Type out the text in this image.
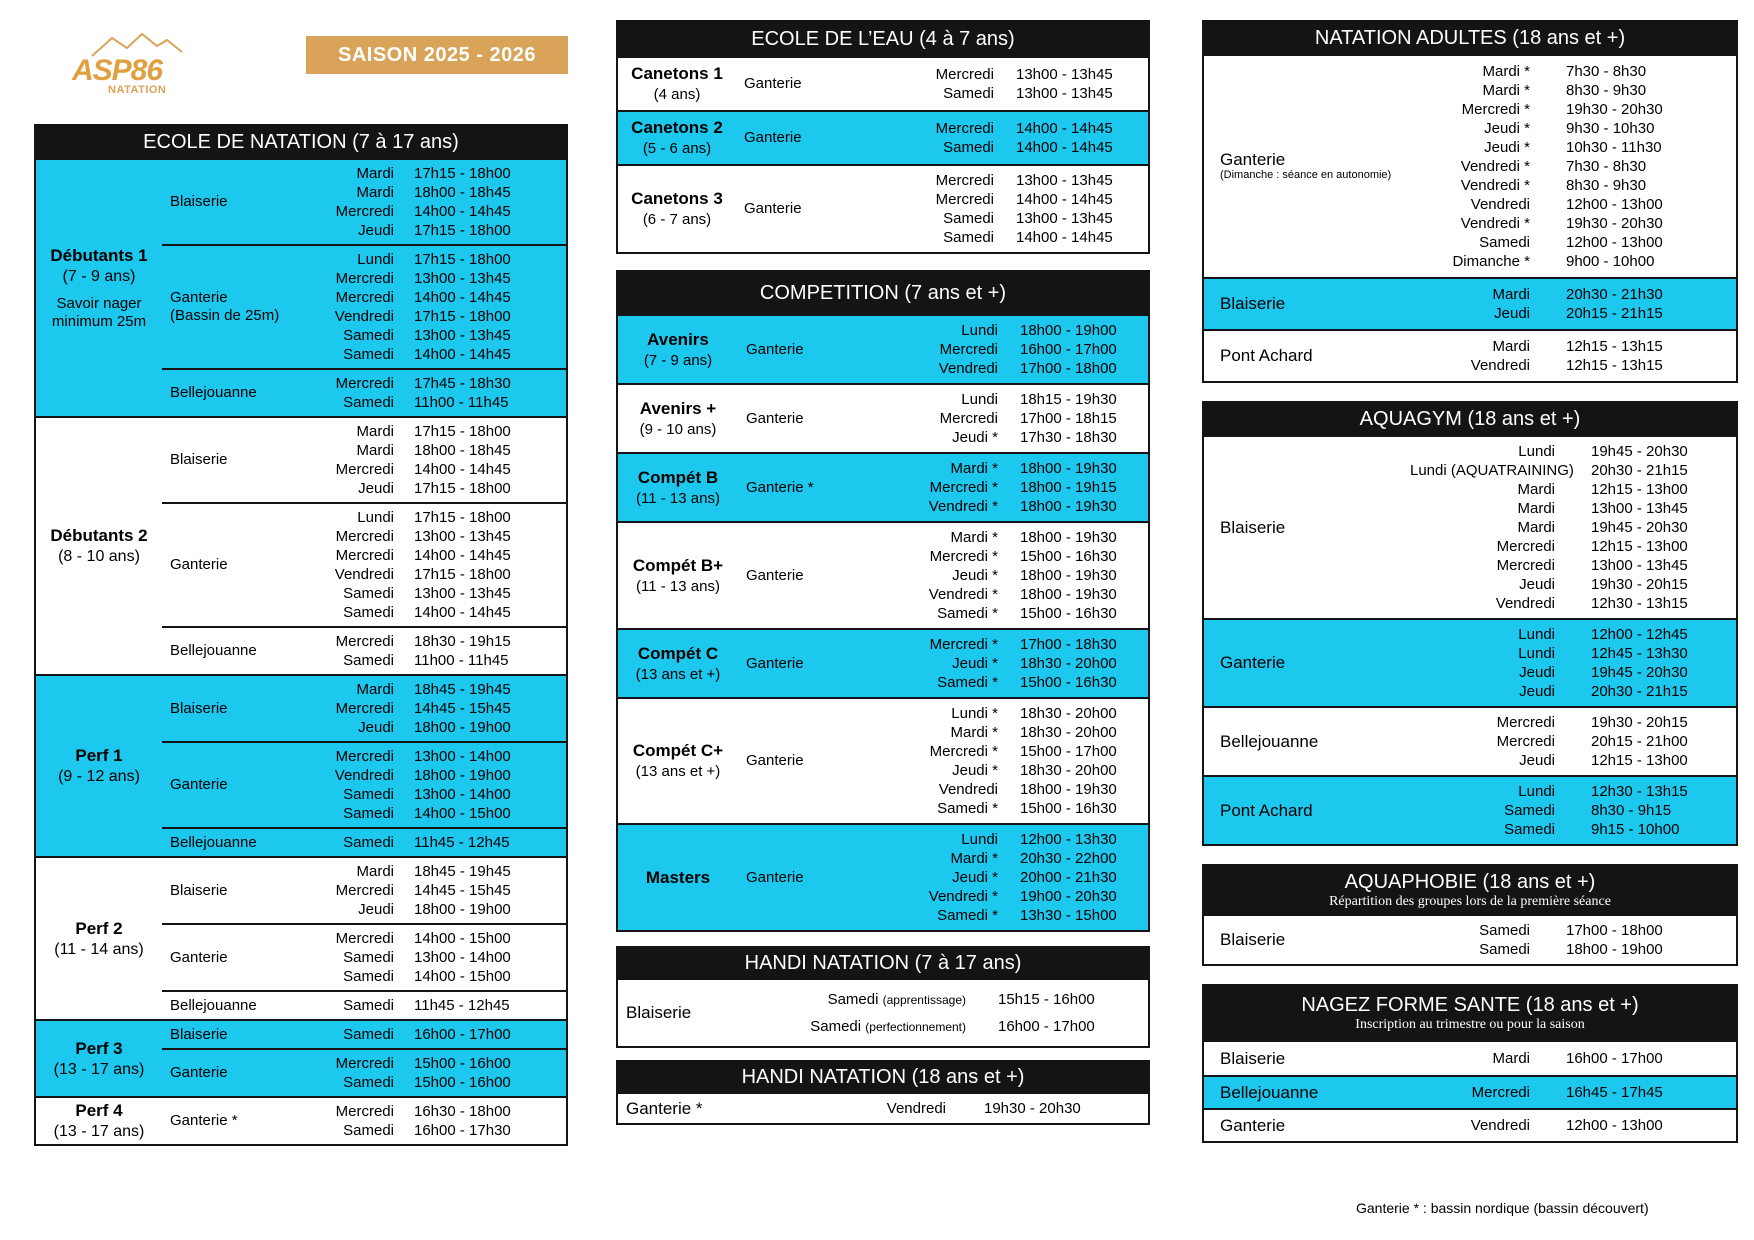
ASP86
NATATION
SAISON 2025 - 2026
ECOLE DE NATATION (7 à 17 ans)
Débutants 1
(7 - 9 ans)
Savoir nager minimum 25m
Blaiserie
Mardi	17h15 - 18h00
Mardi	18h00 - 18h45
Mercredi	14h00 - 14h45
Jeudi	17h15 - 18h00
Ganterie
(Bassin de 25m)
Lundi	17h15 - 18h00
Mercredi	13h00 - 13h45
Mercredi	14h00 - 14h45
Vendredi	17h15 - 18h00
Samedi	13h00 - 13h45
Samedi	14h00 - 14h45
Bellejouanne
Mercredi	17h45 - 18h30
Samedi	11h00 - 11h45
Débutants 2
(8 - 10 ans)
Blaiserie
Mardi	17h15 - 18h00
Mardi	18h00 - 18h45
Mercredi	14h00 - 14h45
Jeudi	17h15 - 18h00
Ganterie
Lundi	17h15 - 18h00
Mercredi	13h00 - 13h45
Mercredi	14h00 - 14h45
Vendredi	17h15 - 18h00
Samedi	13h00 - 13h45
Samedi	14h00 - 14h45
Bellejouanne
Mercredi	18h30 - 19h15
Samedi	11h00 - 11h45
Perf 1
(9 - 12 ans)
Blaiserie
Mardi	18h45 - 19h45
Mercredi	14h45 - 15h45
Jeudi	18h00 - 19h00
Ganterie
Mercredi	13h00 - 14h00
Vendredi	18h00 - 19h00
Samedi	13h00 - 14h00
Samedi	14h00 - 15h00
Bellejouanne	Samedi	11h45 - 12h45
Perf 2
(11 - 14 ans)
Blaiserie
Mardi	18h45 - 19h45
Mercredi	14h45 - 15h45
Jeudi	18h00 - 19h00
Ganterie
Mercredi	14h00 - 15h00
Samedi	13h00 - 14h00
Samedi	14h00 - 15h00
Bellejouanne	Samedi	11h45 - 12h45
Perf 3
(13 - 17 ans)
Blaiserie	Samedi	16h00 - 17h00
Ganterie
Mercredi	15h00 - 16h00
Samedi	15h00 - 16h00
Perf 4
(13 - 17 ans)
Ganterie *
Mercredi	16h30 - 18h00
Samedi	16h00 - 17h30
ECOLE DE L’EAU (4 à 7 ans)
Canetons 1
(4 ans)
Ganterie
Mercredi	13h00 - 13h45
Samedi	13h00 - 13h45
Canetons 2
(5 - 6 ans)
Ganterie
Mercredi	14h00 - 14h45
Samedi	14h00 - 14h45
Canetons 3
(6 - 7 ans)
Ganterie
Mercredi	13h00 - 13h45
Mercredi	14h00 - 14h45
Samedi	13h00 - 13h45
Samedi	14h00 - 14h45
COMPETITION (7 ans et +)
Avenirs
(7 - 9 ans)
Ganterie
Lundi	18h00 - 19h00
Mercredi	16h00 - 17h00
Vendredi	17h00 - 18h00
Avenirs +
(9 - 10 ans)
Ganterie
Lundi	18h15 - 19h30
Mercredi	17h00 - 18h15
Jeudi *	17h30 - 18h30
Compét B
(11 - 13 ans)
Ganterie *
Mardi *	18h00 - 19h30
Mercredi *	18h00 - 19h15
Vendredi *	18h00 - 19h30
Compét B+
(11 - 13 ans)
Ganterie
Mardi *	18h00 - 19h30
Mercredi *	15h00 - 16h30
Jeudi *	18h00 - 19h30
Vendredi *	18h00 - 19h30
Samedi *	15h00 - 16h30
Compét C
(13 ans et +)
Ganterie
Mercredi *	17h00 - 18h30
Jeudi *	18h30 - 20h00
Samedi *	15h00 - 16h30
Compét C+
(13 ans et +)
Ganterie
Lundi *	18h30 - 20h00
Mardi *	18h30 - 20h00
Mercredi *	15h00 - 17h00
Jeudi *	18h30 - 20h00
Vendredi	18h00 - 19h30
Samedi *	15h00 - 16h30
Masters	Ganterie
Lundi	12h00 - 13h30
Mardi *	20h30 - 22h00
Jeudi *	20h00 - 21h30
Vendredi *	19h00 - 20h30
Samedi *	13h30 - 15h00
HANDI NATATION (7 à 17 ans)
Blaiserie
Samedi (apprentissage)	15h15 - 16h00
Samedi (perfectionnement)	16h00 - 17h00
HANDI NATATION (18 ans et +)
Ganterie *	Vendredi	19h30 - 20h30
NATATION ADULTES (18 ans et +)
Ganterie
(Dimanche : séance en autonomie)
Mardi *	7h30 - 8h30
Mardi *	8h30 - 9h30
Mercredi *	19h30 - 20h30
Jeudi *	9h30 - 10h30
Jeudi *	10h30 - 11h30
Vendredi *	7h30 - 8h30
Vendredi *	8h30 - 9h30
Vendredi	12h00 - 13h00
Vendredi *	19h30 - 20h30
Samedi	12h00 - 13h00
Dimanche *	9h00 - 10h00
Blaiserie	Mardi	20h30 - 21h30
Jeudi	20h15 - 21h15
Pont Achard	Mardi	12h15 - 13h15
Vendredi	12h15 - 13h15
AQUAGYM (18 ans et +)
Blaiserie
Lundi	19h45 - 20h30
Lundi (AQUATRAINING)	20h30 - 21h15
Mardi	12h15 - 13h00
Mardi	13h00 - 13h45
Mardi	19h45 - 20h30
Mercredi	12h15 - 13h00
Mercredi	13h00 - 13h45
Jeudi	19h30 - 20h15
Vendredi	12h30 - 13h15
Ganterie
Lundi	12h00 - 12h45
Lundi	12h45 - 13h30
Jeudi	19h45 - 20h30
Jeudi	20h30 - 21h15
Bellejouanne
Mercredi	19h30 - 20h15
Mercredi	20h15 - 21h00
Jeudi	12h15 - 13h00
Pont Achard
Lundi	12h30 - 13h15
Samedi	8h30 - 9h15
Samedi	9h15 - 10h00
AQUAPHOBIE (18 ans et +)
Répartition des groupes lors de la première séance
Blaiserie	Samedi	17h00 - 18h00
Samedi	18h00 - 19h00
NAGEZ FORME SANTE (18 ans et +)
Inscription au trimestre ou pour la saison
Blaiserie	Mardi	16h00 - 17h00
Bellejouanne	Mercredi	16h45 - 17h45
Ganterie	Vendredi	12h00 - 13h00
Ganterie * : bassin nordique (bassin découvert)
